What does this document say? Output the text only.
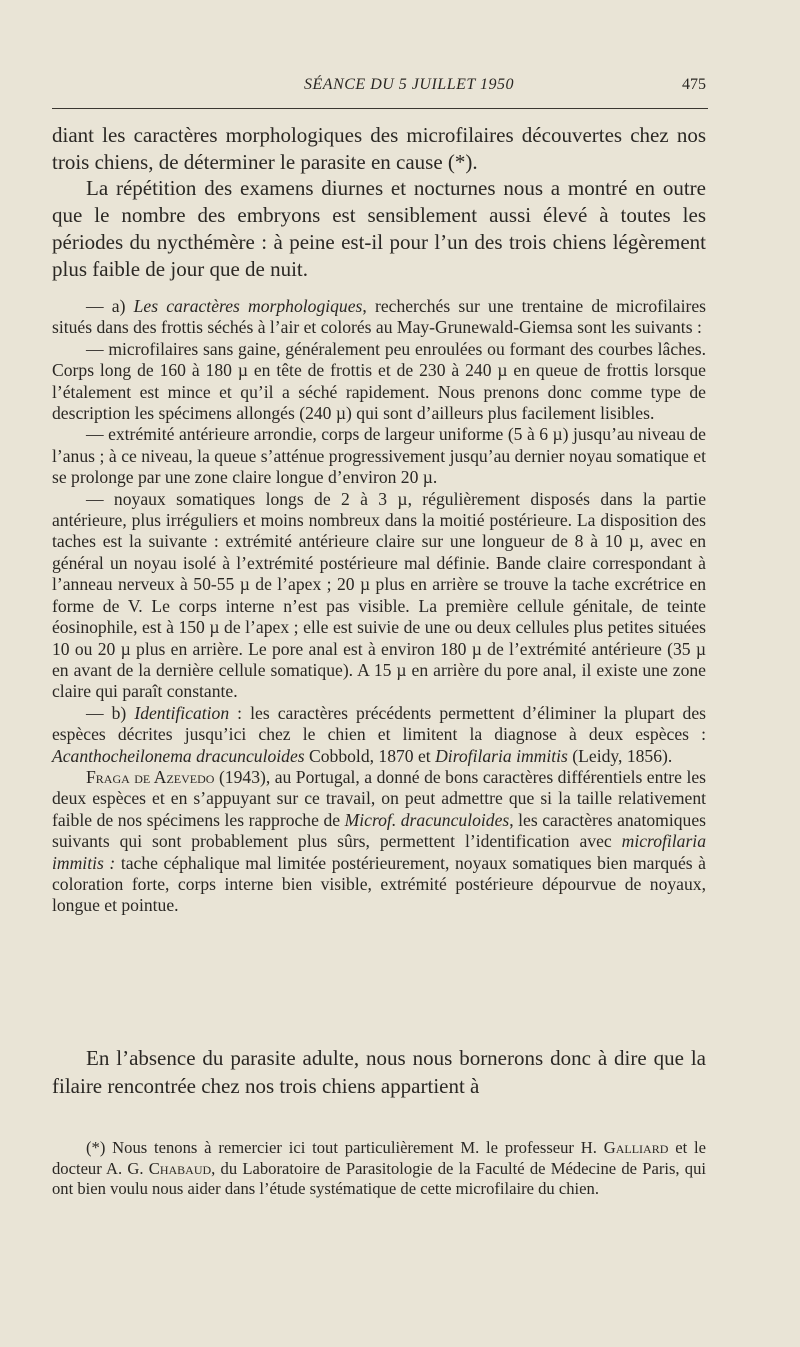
SÉANCE DU 5 JUILLET 1950	475

diant les caractères morphologiques des microfilaires découvertes chez nos trois chiens, de déterminer le parasite en cause (*).

La répétition des examens diurnes et nocturnes nous a montré en outre que le nombre des embryons est sensiblement aussi élevé à toutes les périodes du nycthémère : à peine est-il pour l’un des trois chiens légèrement plus faible de jour que de nuit.

— a) Les caractères morphologiques, recherchés sur une trentaine de microfilaires situés dans des frottis séchés à l’air et colorés au May-Grunewald-Giemsa sont les suivants :

— microfilaires sans gaine, généralement peu enroulées ou formant des courbes lâches. Corps long de 160 à 180 µ en tête de frottis et de 230 à 240 µ en queue de frottis lorsque l’étalement est mince et qu’il a séché rapidement. Nous prenons donc comme type de description les spécimens allongés (240 µ) qui sont d’ailleurs plus facilement lisibles.

— extrémité antérieure arrondie, corps de largeur uniforme (5 à 6 µ) jusqu’au niveau de l’anus ; à ce niveau, la queue s’atténue progressivement jusqu’au dernier noyau somatique et se prolonge par une zone claire longue d’environ 20 µ.

— noyaux somatiques longs de 2 à 3 µ, régulièrement disposés dans la partie antérieure, plus irréguliers et moins nombreux dans la moitié postérieure. La disposition des taches est la suivante : extrémité antérieure claire sur une longueur de 8 à 10 µ, avec en général un noyau isolé à l’extrémité postérieure mal définie. Bande claire correspondant à l’anneau nerveux à 50-55 µ de l’apex ; 20 µ plus en arrière se trouve la tache excrétrice en forme de V. Le corps interne n’est pas visible. La première cellule génitale, de teinte éosinophile, est à 150 µ de l’apex ; elle est suivie de une ou deux cellules plus petites situées 10 ou 20 µ plus en arrière. Le pore anal est à environ 180 µ de l’extrémité antérieure (35 µ en avant de la dernière cellule somatique). A 15 µ en arrière du pore anal, il existe une zone claire qui paraît constante.

— b) Identification : les caractères précédents permettent d’éliminer la plupart des espèces décrites jusqu’ici chez le chien et limitent la diagnose à deux espèces : Acanthocheilonema dracunculoides Cobbold, 1870 et Dirofilaria immitis (Leidy, 1856).

Fraga de Azevedo (1943), au Portugal, a donné de bons caractères différentiels entre les deux espèces et en s’appuyant sur ce travail, on peut admettre que si la taille relativement faible de nos spécimens les rapproche de Microf. dracunculoides, les caractères anatomiques suivants qui sont probablement plus sûrs, permettent l’identification avec microfilaria immitis : tache céphalique mal limitée postérieurement, noyaux somatiques bien marqués à coloration forte, corps interne bien visible, extrémité postérieure dépourvue de noyaux, longue et pointue.

En l’absence du parasite adulte, nous nous bornerons donc à dire que la filaire rencontrée chez nos trois chiens appartient à

(*) Nous tenons à remercier ici tout particulièrement M. le professeur H. Galliard et le docteur A. G. Chabaud, du Laboratoire de Parasitologie de la Faculté de Médecine de Paris, qui ont bien voulu nous aider dans l’étude systématique de cette microfilaire du chien.
